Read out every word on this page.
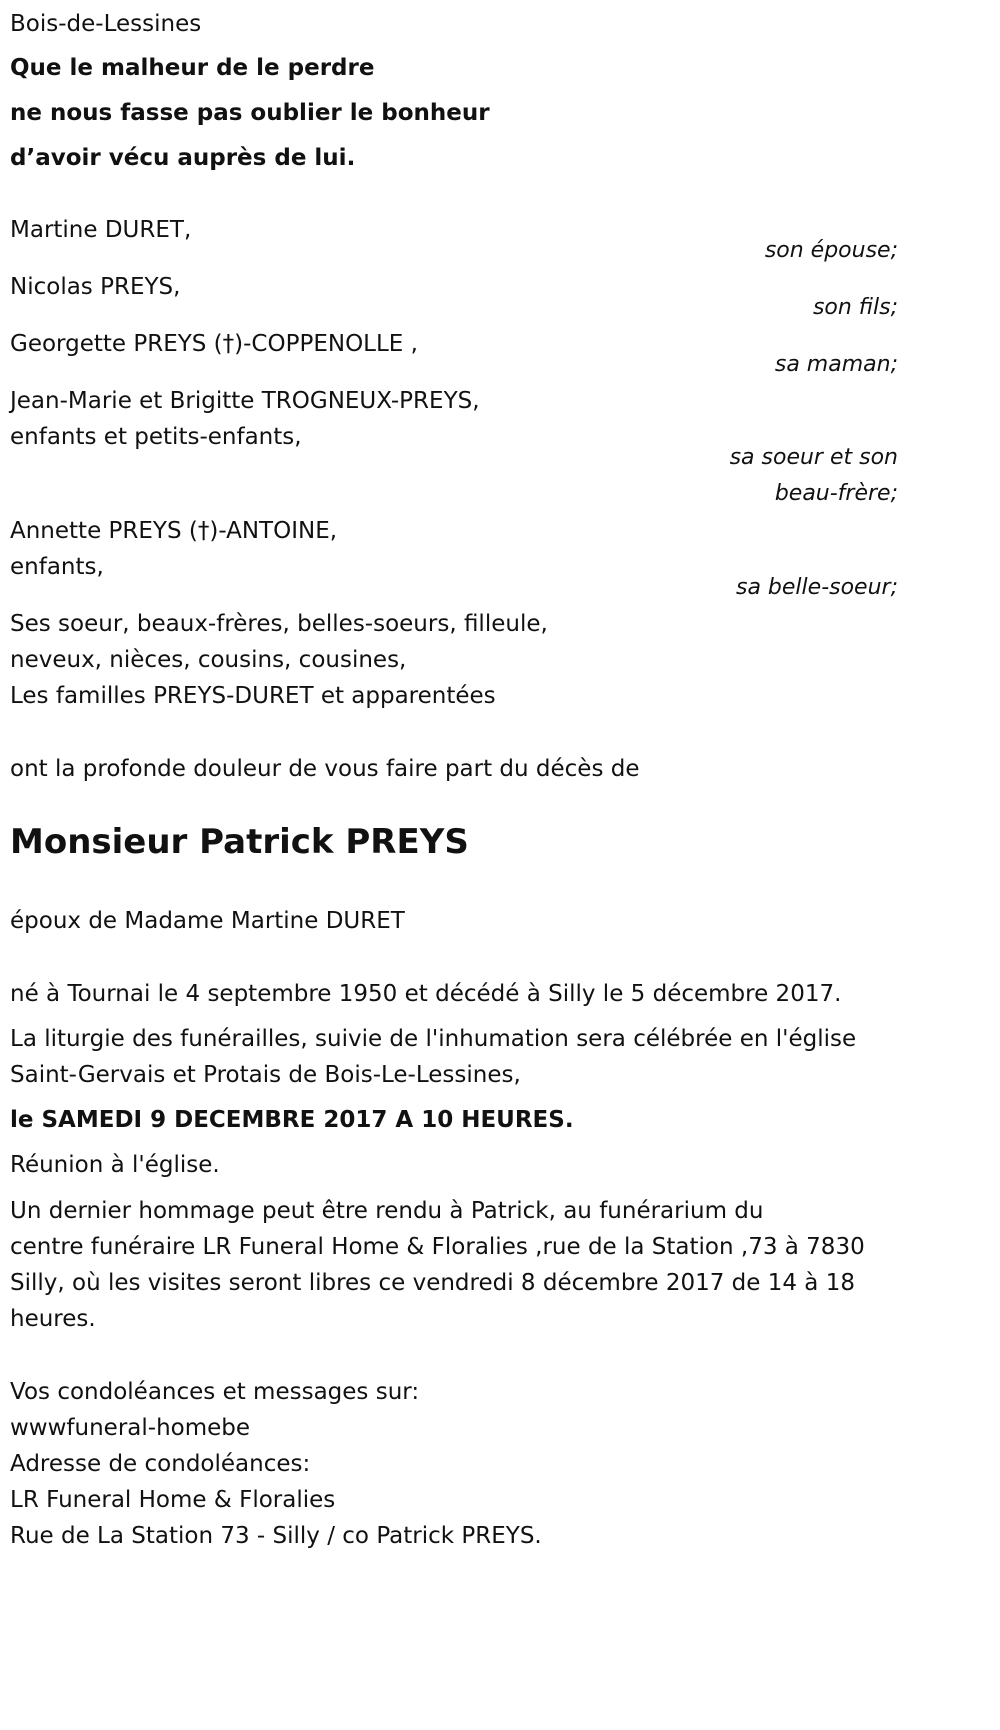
Bois-de-Lessines
Que le malheur de le perdre
ne nous fasse pas oublier le bonheur
d’avoir vécu auprès de lui.
Martine DURET,
son épouse;
Nicolas PREYS,
son fils;
Georgette PREYS (†)-COPPENOLLE ,
sa maman;
Jean-Marie et Brigitte TROGNEUX-PREYS,
enfants et petits-enfants,
sa soeur et son
beau-frère;
Annette PREYS (†)-ANTOINE,
enfants,
sa belle-soeur;
Ses soeur, beaux-frères, belles-soeurs, filleule,
neveux, nièces, cousins, cousines,
Les familles PREYS-DURET et apparentées
ont la profonde douleur de vous faire part du décès de
Monsieur Patrick PREYS
époux de Madame Martine DURET
né à Tournai le 4 septembre 1950 et décédé à Silly le 5 décembre 2017.
La liturgie des funérailles, suivie de l'inhumation sera célébrée en l'église
Saint-Gervais et Protais de Bois-Le-Lessines,
le SAMEDI 9 DECEMBRE 2017 A 10 HEURES.
Réunion à l'église.
Un dernier hommage peut être rendu à Patrick, au funérarium du
centre funéraire LR Funeral Home & Floralies ,rue de la Station ,73 à 7830
Silly, où les visites seront libres ce vendredi 8 décembre 2017 de 14 à 18
heures.
Vos condoléances et messages sur:
wwwfuneral-homebe
Adresse de condoléances:
LR Funeral Home & Floralies
Rue de La Station 73 - Silly / co Patrick PREYS.
